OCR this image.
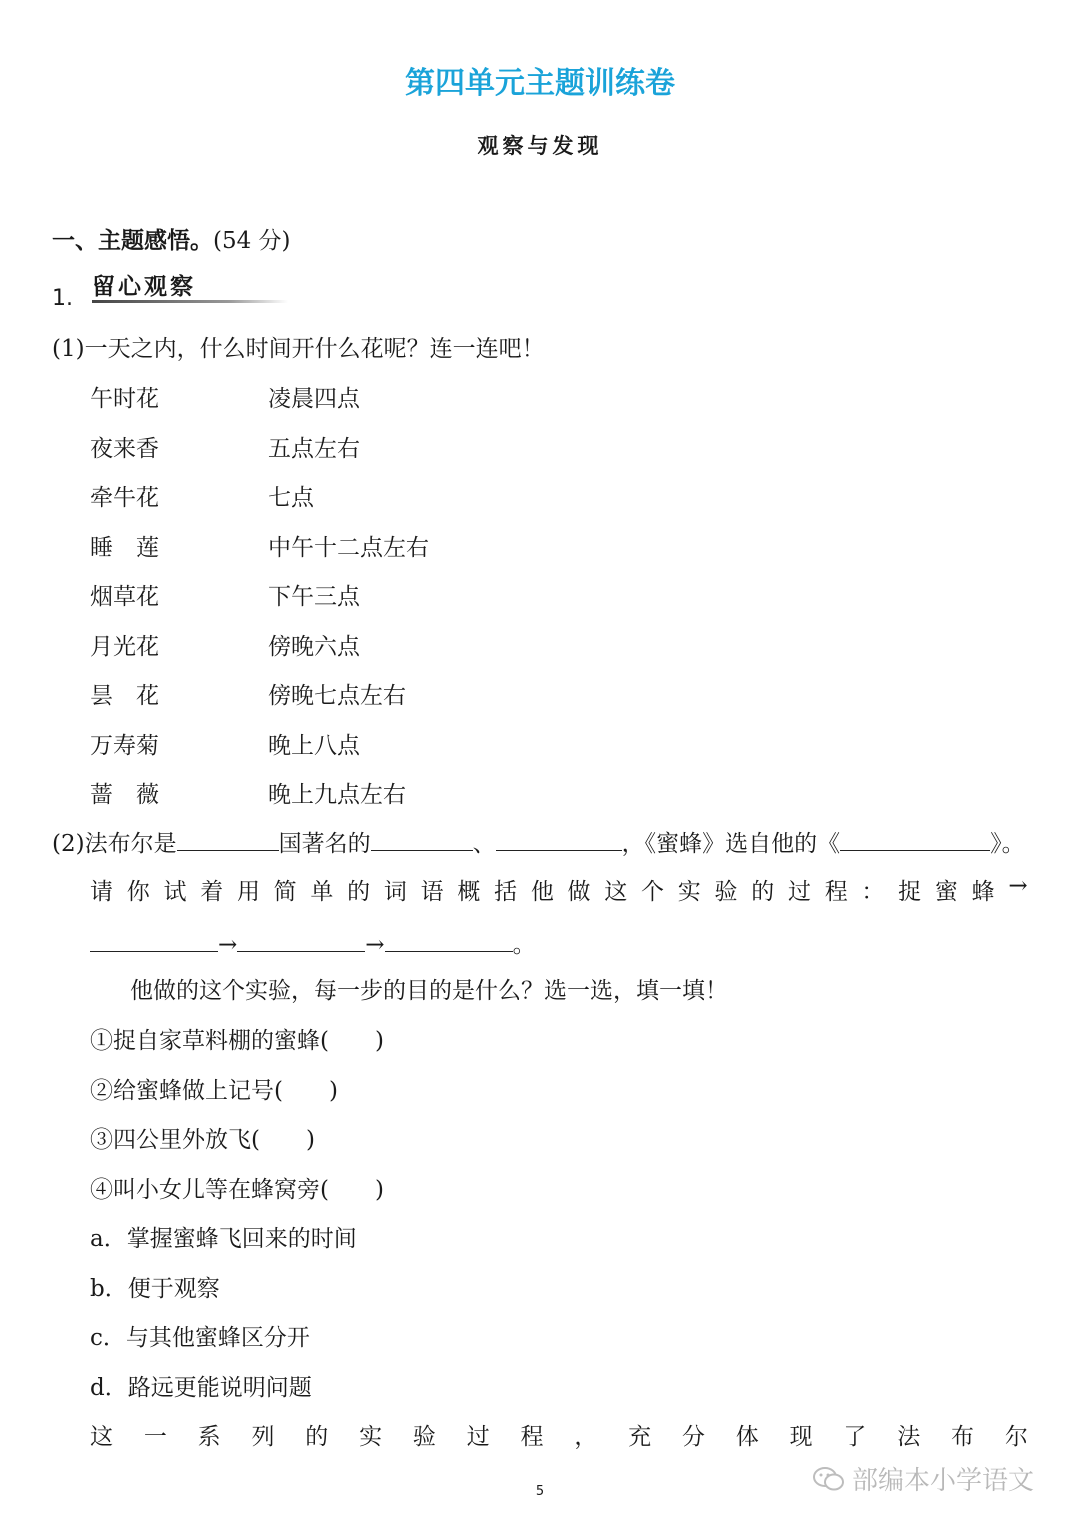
第四单元主题训练卷
观察与发现
一、主题感悟。(54 分)
1. 留心观察
(1)一天之内，什么时间开什么花呢？连一连吧！
午时花	凌晨四点
夜来香	五点左右
牵牛花	七点
睡　莲	中午十二点左右
烟草花	下午三点
月光花	傍晚六点
昙　花	傍晚七点左右
万寿菊	晚上八点
蔷　薇	晚上九点左右
(2)法布尔是	国著名的	、	，《蜜蜂》选自他的《	》。
请 你 试 着 用 简 单 的 词 语 概 括 他 做 这 个 实 验 的 过 程 ： 捉 蜜 蜂 →
→	→	。
他做的这个实验，每一步的目的是什么？选一选，填一填！
①捉自家草料棚的蜜蜂(　　)
②给蜜蜂做上记号(　　)
③四公里外放飞(　　)
④叫小女儿等在蜂窝旁(　　)
a．掌握蜜蜂飞回来的时间
b．便于观察
c．与其他蜜蜂区分开
d．路远更能说明问题
这 一 系 列 的 实 验 过 程 ， 充 分 体 现 了 法 布 尔
5	部编本小学语文
